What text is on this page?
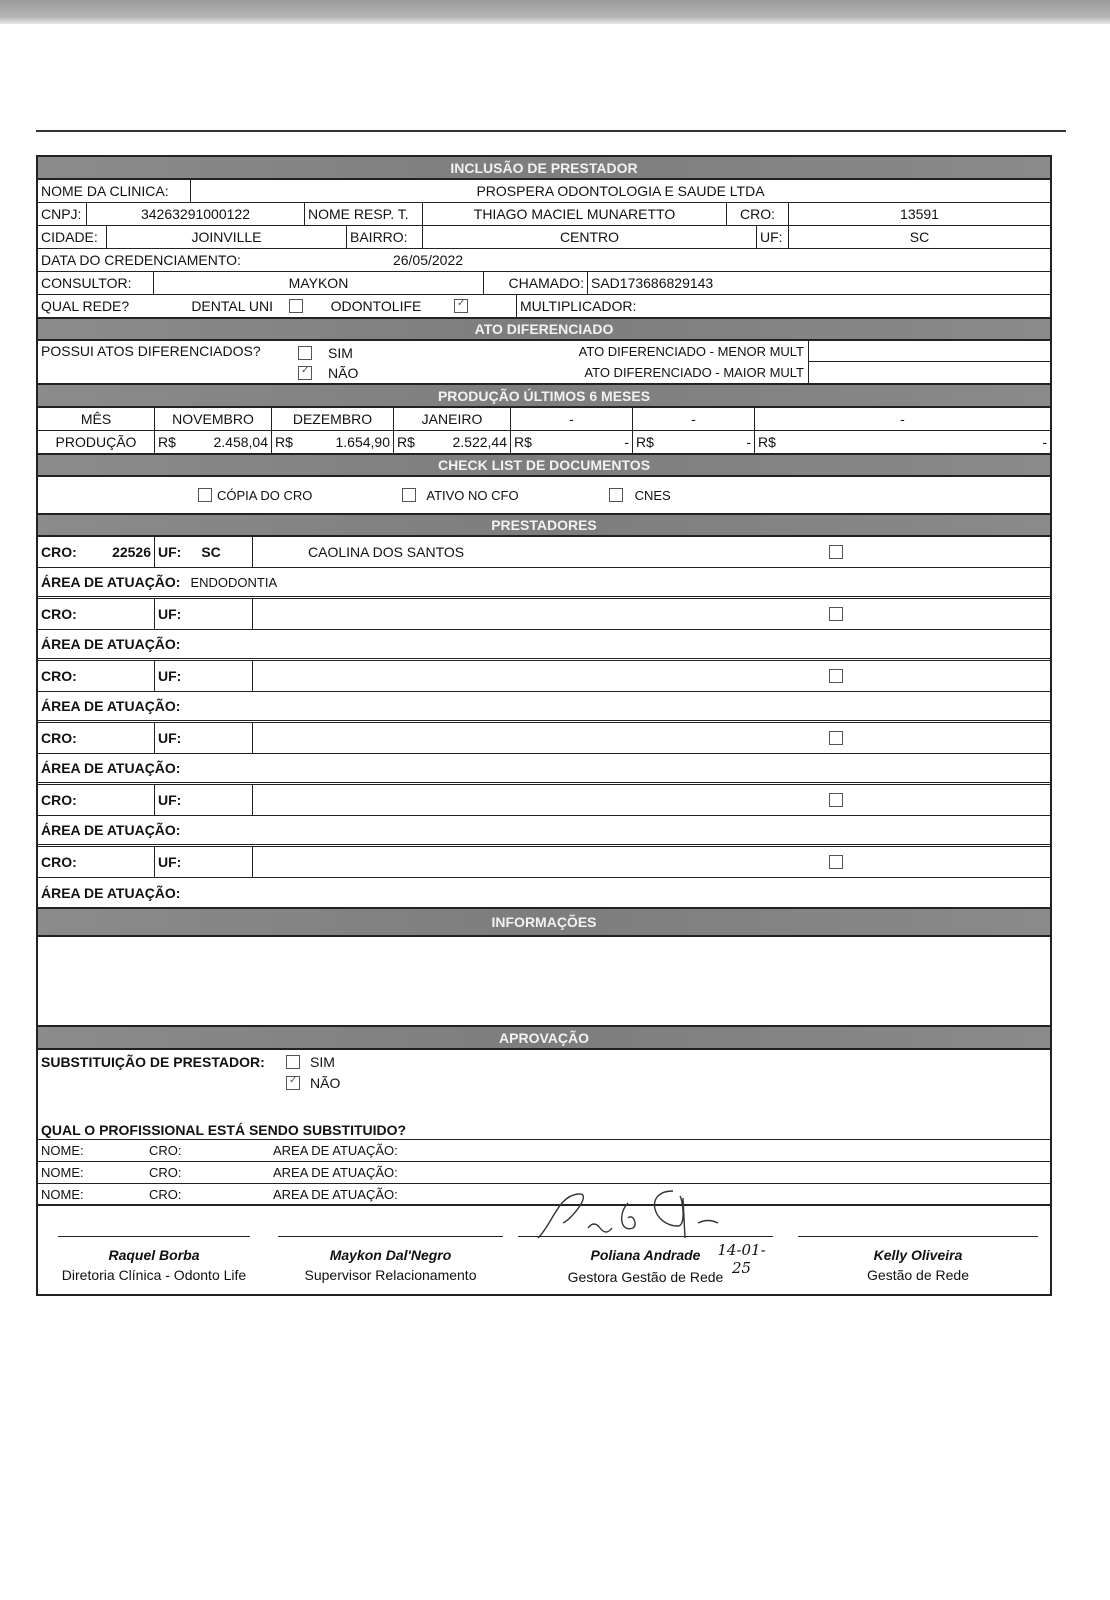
INCLUSÃO DE PRESTADOR
NOME DA CLINICA:	PROSPERA ODONTOLOGIA E SAUDE LTDA
CNPJ:	34263291000122	NOME RESP. T.	THIAGO MACIEL MUNARETTO	CRO:	13591
CIDADE:	JOINVILLE	BAIRRO:	CENTRO	UF:	SC
DATA DO CREDENCIAMENTO:	26/05/2022
CONSULTOR:	MAYKON	CHAMADO: SAD173686829143
QUAL REDE?	DENTAL UNI	ODONTOLIFE ✓	MULTIPLICADOR:
ATO DIFERENCIADO
POSSUI ATOS DIFERENCIADOS?	SIM
✓
NÃO
ATO DIFERENCIADO - MENOR MULT
ATO DIFERENCIADO - MAIOR MULT
PRODUÇÃO ÚLTIMOS 6 MESES
MÊS	NOVEMBRO	DEZEMBRO	JANEIRO	-	-	-
PRODUÇÃO	R$	2.458,04 R$	1.654,90 R$	2.522,44 R$	- R$	- R$	-
CHECK LIST DE DOCUMENTOS
CÓPIA DO CRO	ATIVO NO CFO	CNES
PRESTADORES
CRO:	22526 UF: SC	CAOLINA DOS SANTOS
ÁREA DE ATUAÇÃO: ENDODONTIA
CRO:	UF:
ÁREA DE ATUAÇÃO:
CRO:	UF:
ÁREA DE ATUAÇÃO:
CRO:	UF:
ÁREA DE ATUAÇÃO:
CRO:	UF:
ÁREA DE ATUAÇÃO:
CRO:	UF:
ÁREA DE ATUAÇÃO:
INFORMAÇÕES
APROVAÇÃO
SUBSTITUIÇÃO DE PRESTADOR:	SIM
✓
NÃO
QUAL O PROFISSIONAL ESTÁ SENDO SUBSTITUIDO?
NOME:	CRO:	AREA DE ATUAÇÃO:
NOME:	CRO:	AREA DE ATUAÇÃO:
NOME:	CRO:	AREA DE ATUAÇÃO:
Raquel Borba
Diretoria Clínica - Odonto Life
Maykon Dal'Negro
Supervisor Relacionamento
Poliana Andrade	14-01-25
Gestora Gestão de Rede
Kelly Oliveira
Gestão de Rede
